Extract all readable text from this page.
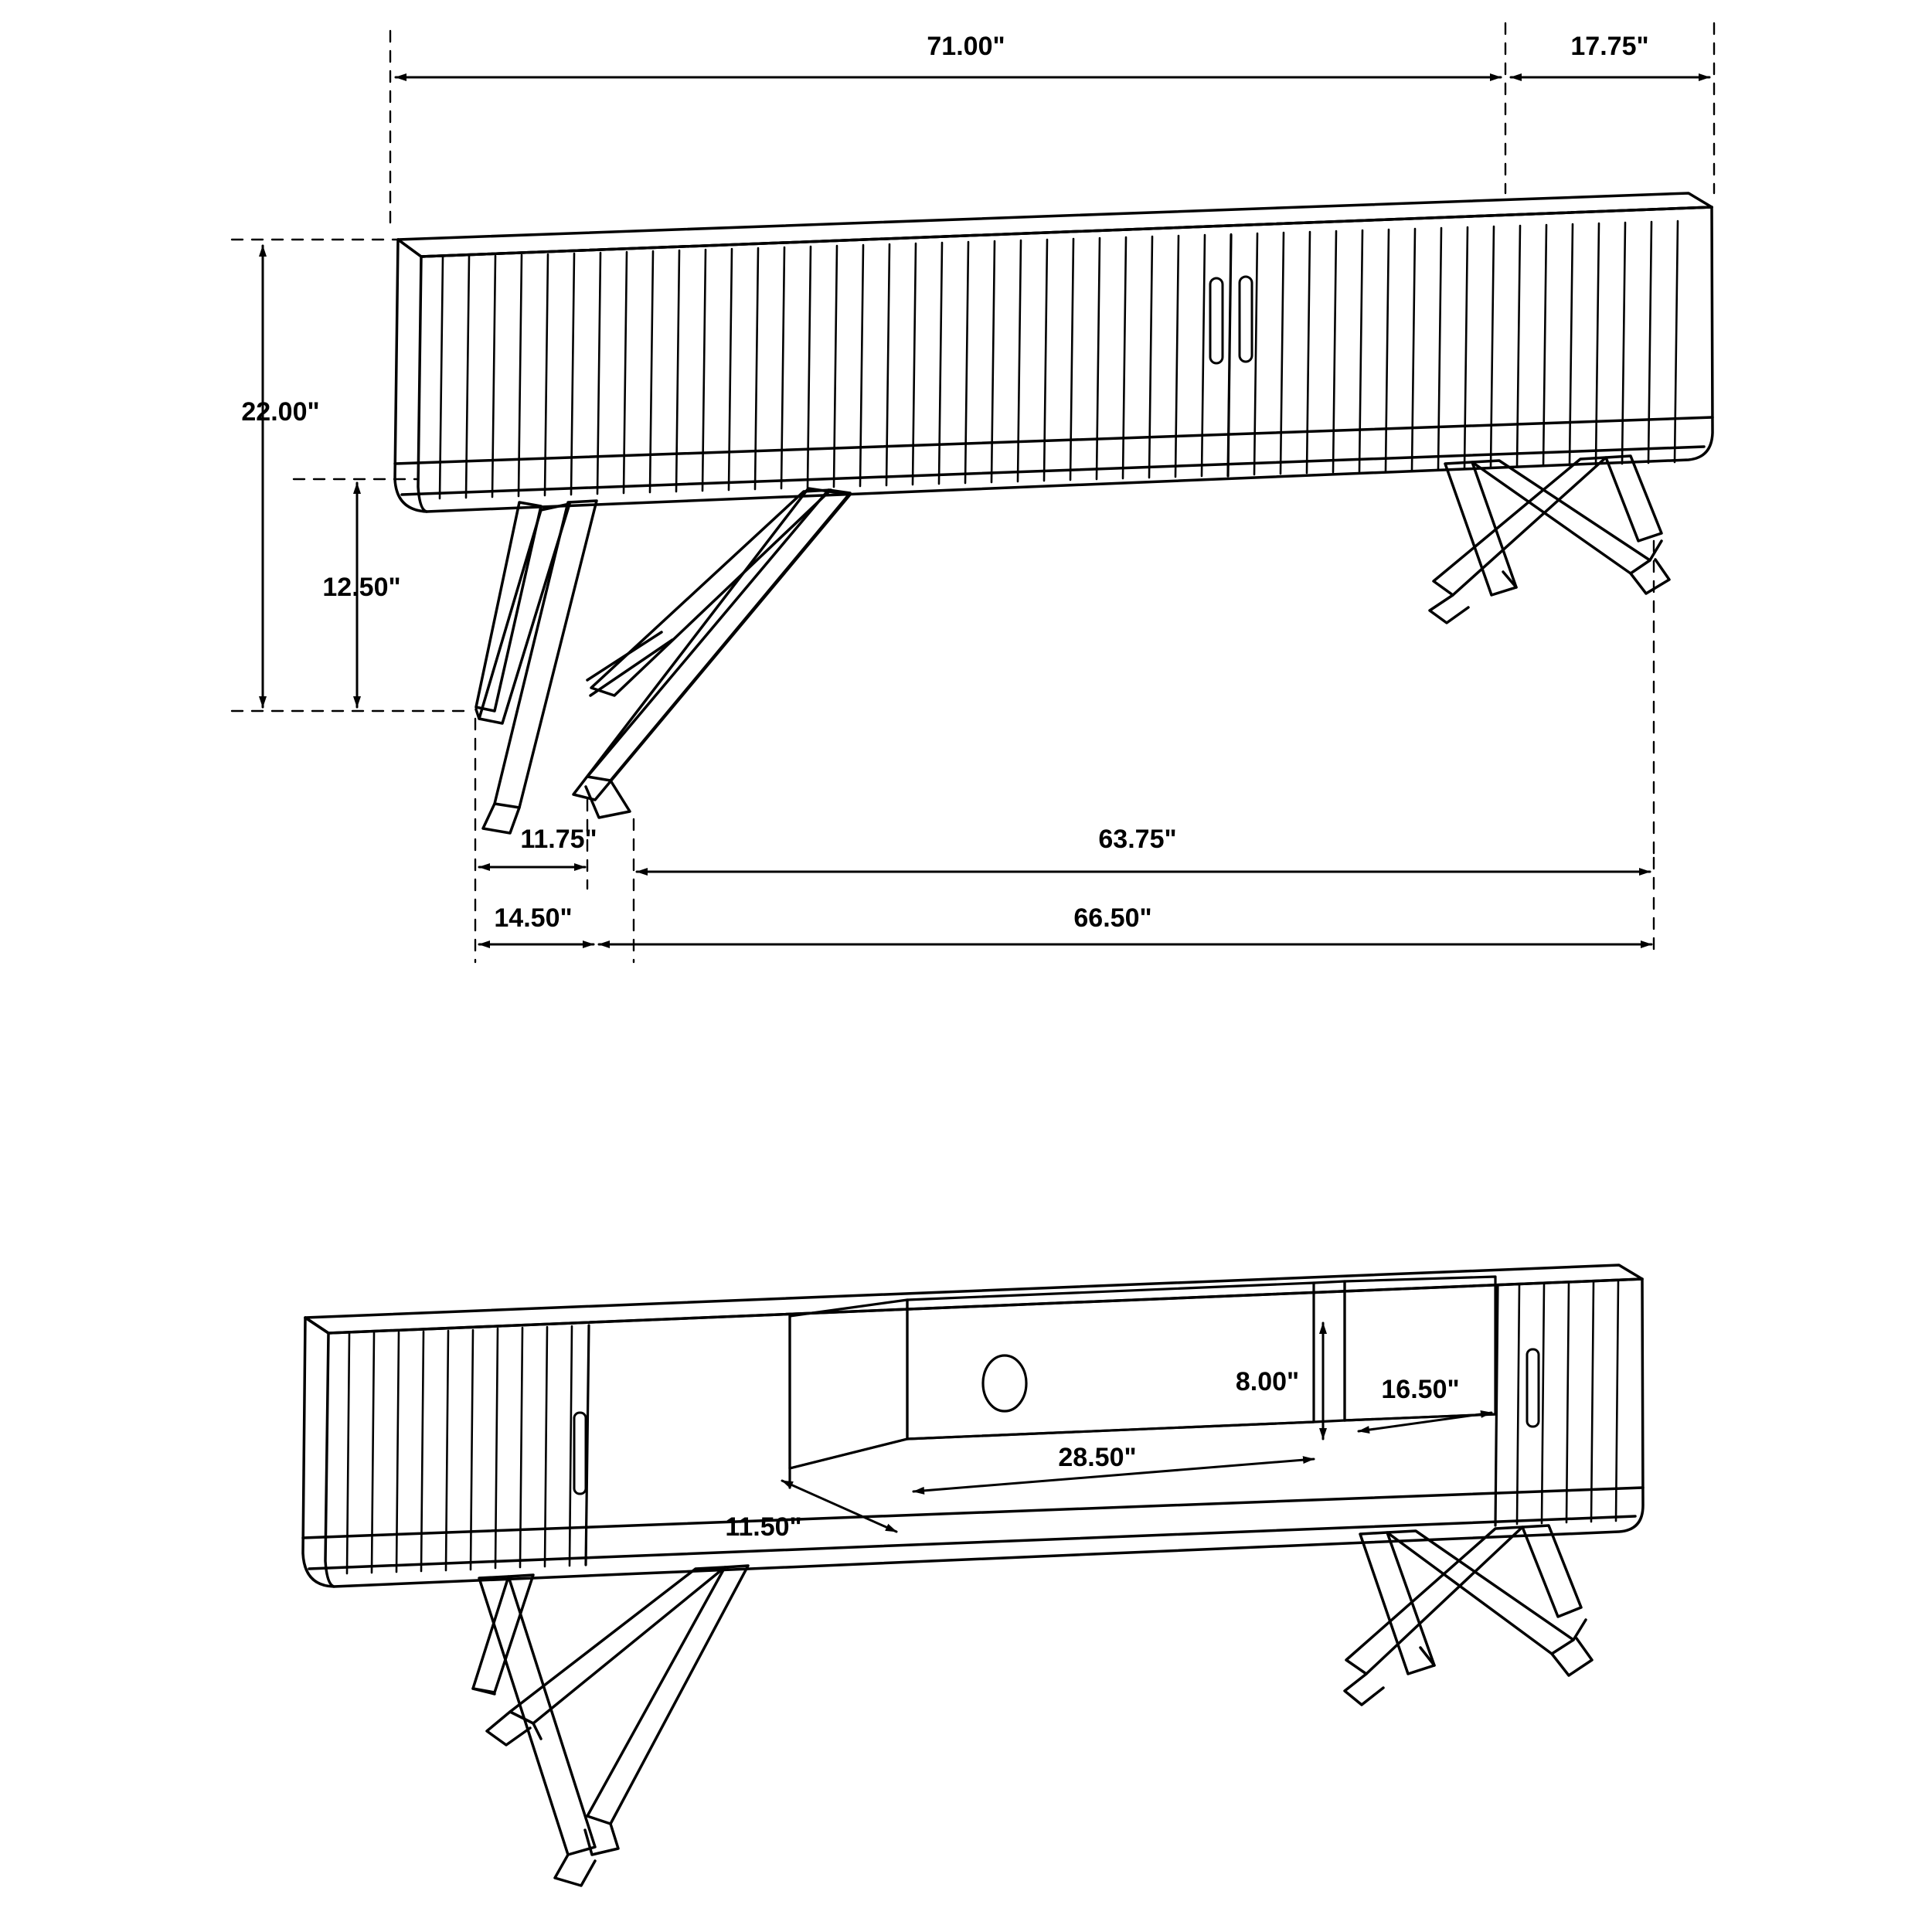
71.00"	17.75"
22.00"
12.50"
11.75"	63.75"
14.50"	66.50"
8.00"	16.50"
28.50"
11.50"
